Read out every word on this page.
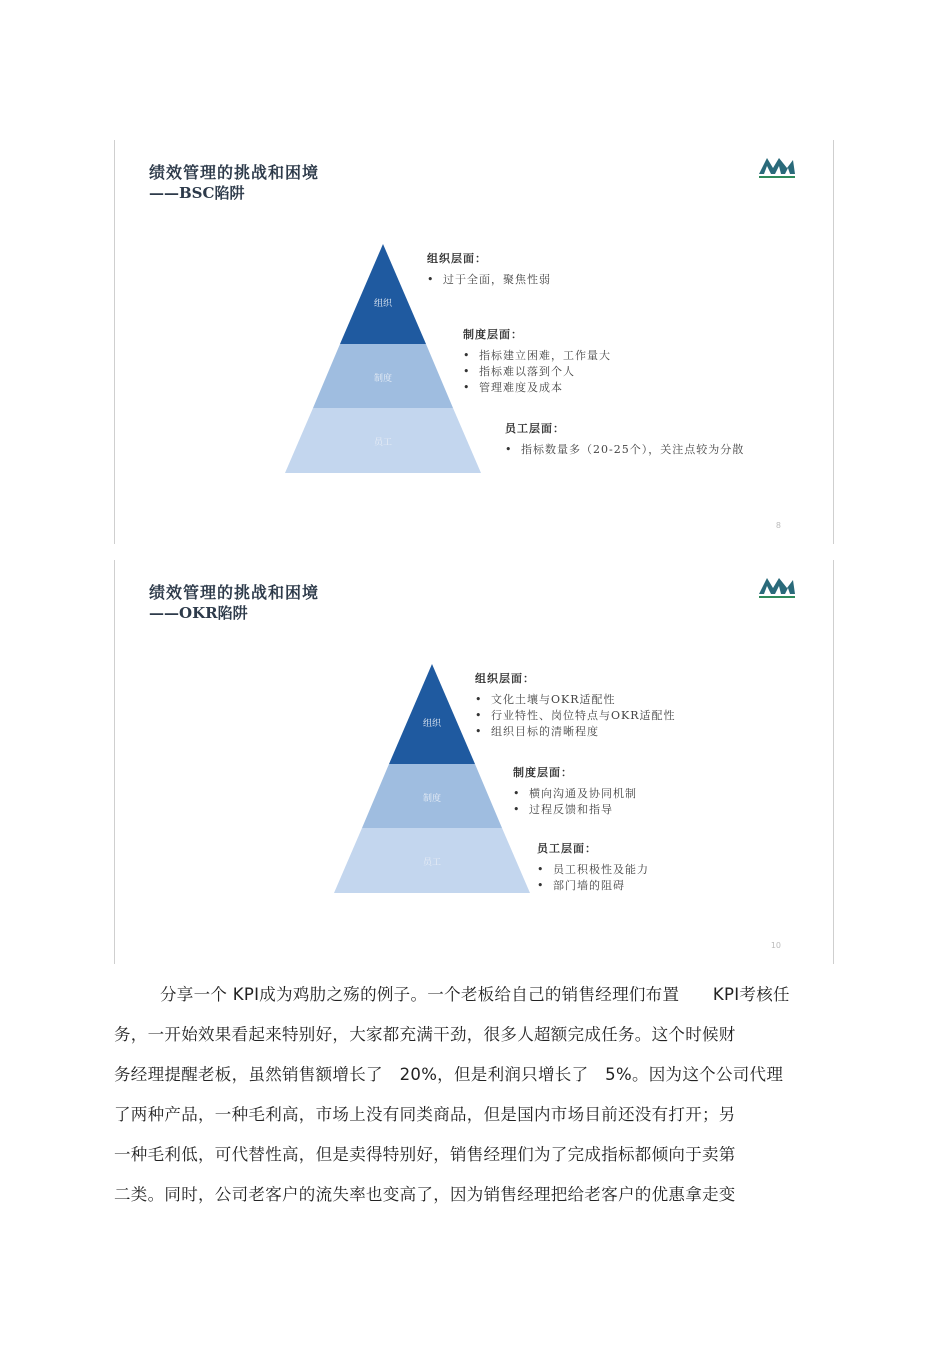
绩效管理的挑战和困境
——BSC陷阱
组织
制度
员工
组织层面：
• 过于全面，聚焦性弱
制度层面：
• 指标建立困难，工作量大
• 指标难以落到个人
• 管理难度及成本
员工层面：
• 指标数量多（20-25个），关注点较为分散
8
绩效管理的挑战和困境
——OKR陷阱
组织
制度
员工
组织层面：
• 文化土壤与OKR适配性
• 行业特性、岗位特点与OKR适配性
• 组织目标的清晰程度
制度层面：
• 横向沟通及协同机制
• 过程反馈和指导
员工层面：
• 员工积极性及能力
• 部门墙的阻碍
10
分享一个 KPI成为鸡肋之殇的例子。一个老板给自己的销售经理们布置　　KPI考核任
务，一开始效果看起来特别好，大家都充满干劲，很多人超额完成任务。这个时候财
务经理提醒老板，虽然销售额增长了　20%，但是利润只增长了　5%。因为这个公司代理
了两种产品，一种毛利高，市场上没有同类商品，但是国内市场目前还没有打开；另
一种毛利低，可代替性高，但是卖得特别好，销售经理们为了完成指标都倾向于卖第
二类。同时，公司老客户的流失率也变高了，因为销售经理把给老客户的优惠拿走变
